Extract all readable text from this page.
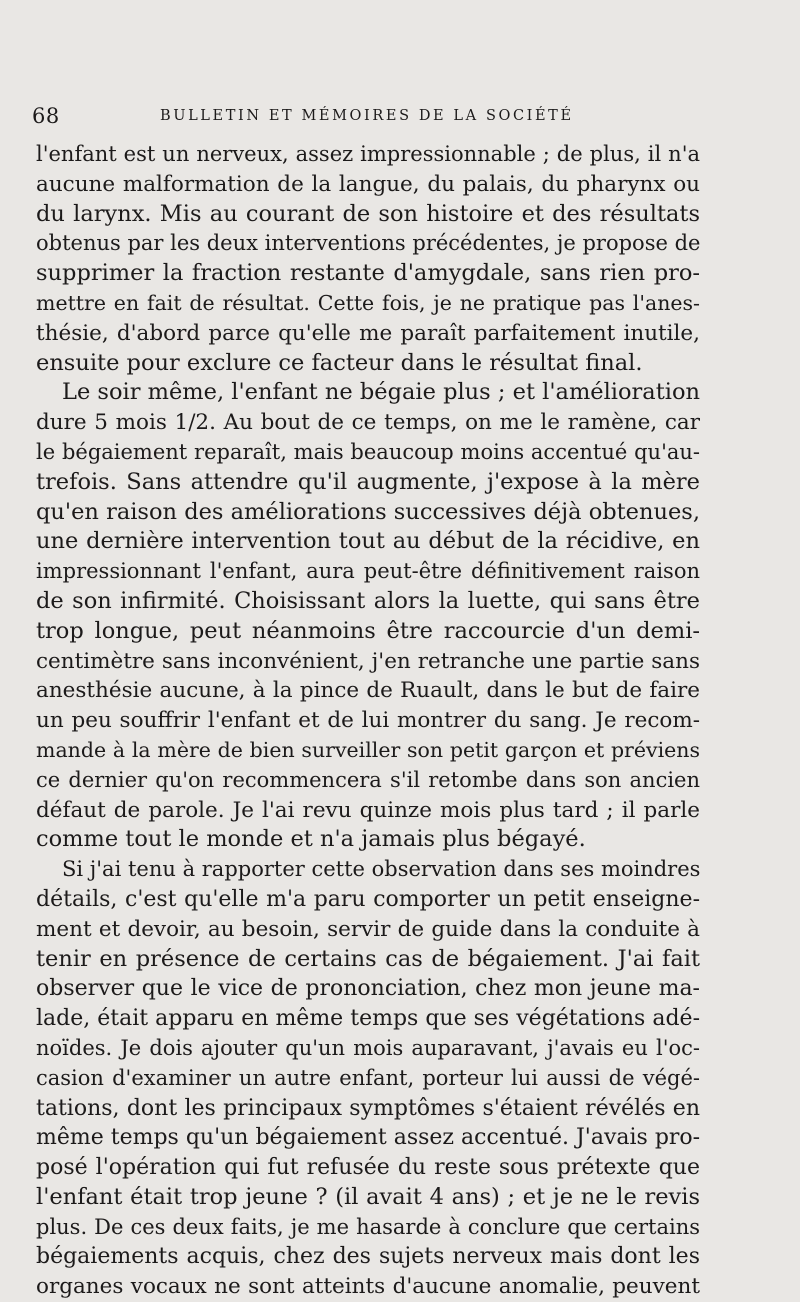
68	BULLETIN ET MÉMOIRES DE LA SOCIÉTÉ
l'enfant est un nerveux, assez impressionnable ; de plus, il n'a
aucune malformation de la langue, du palais, du pharynx ou
du larynx. Mis au courant de son histoire et des résultats
obtenus par les deux interventions précédentes, je propose de
supprimer la fraction restante d'amygdale, sans rien pro-
mettre en fait de résultat. Cette fois, je ne pratique pas l'anes-
thésie, d'abord parce qu'elle me paraît parfaitement inutile,
ensuite pour exclure ce facteur dans le résultat final.
Le soir même, l'enfant ne bégaie plus ; et l'amélioration
dure 5 mois 1/2. Au bout de ce temps, on me le ramène, car
le bégaiement reparaît, mais beaucoup moins accentué qu'au-
trefois. Sans attendre qu'il augmente, j'expose à la mère
qu'en raison des améliorations successives déjà obtenues,
une dernière intervention tout au début de la récidive, en
impressionnant l'enfant, aura peut-être définitivement raison
de son infirmité. Choisissant alors la luette, qui sans être
trop longue, peut néanmoins être raccourcie d'un demi-
centimètre sans inconvénient, j'en retranche une partie sans
anesthésie aucune, à la pince de Ruault, dans le but de faire
un peu souffrir l'enfant et de lui montrer du sang. Je recom-
mande à la mère de bien surveiller son petit garçon et préviens
ce dernier qu'on recommencera s'il retombe dans son ancien
défaut de parole. Je l'ai revu quinze mois plus tard ; il parle
comme tout le monde et n'a jamais plus bégayé.
Si j'ai tenu à rapporter cette observation dans ses moindres
détails, c'est qu'elle m'a paru comporter un petit enseigne-
ment et devoir, au besoin, servir de guide dans la conduite à
tenir en présence de certains cas de bégaiement. J'ai fait
observer que le vice de prononciation, chez mon jeune ma-
lade, était apparu en même temps que ses végétations adé-
noïdes. Je dois ajouter qu'un mois auparavant, j'avais eu l'oc-
casion d'examiner un autre enfant, porteur lui aussi de végé-
tations, dont les principaux symptômes s'étaient révélés en
même temps qu'un bégaiement assez accentué. J'avais pro-
posé l'opération qui fut refusée du reste sous prétexte que
l'enfant était trop jeune ? (il avait 4 ans) ; et je ne le revis
plus. De ces deux faits, je me hasarde à conclure que certains
bégaiements acquis, chez des sujets nerveux mais dont les
organes vocaux ne sont atteints d'aucune anomalie, peuvent
